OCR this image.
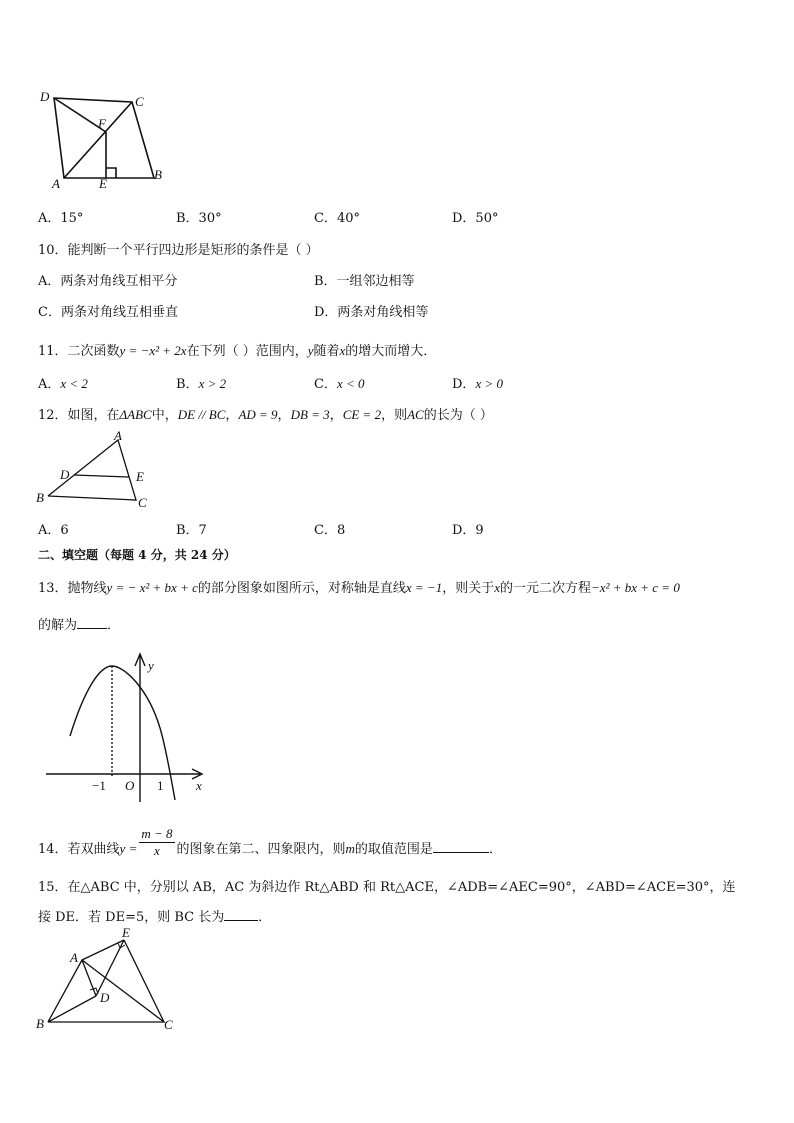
D	C
F
A	E
B
A．15°	B．30°	C．40°	D．50°
10．能判断一个平行四边形是矩形的条件是（ ）
A．两条对角线互相平分	B．一组邻边相等
C．两条对角线互相垂直	D．两条对角线相等
11．二次函数y = −x² + 2x在下列（ ）范围内，y随着x的增大而增大．
A．x < 2	B．x > 2	C．x < 0	D．x > 0
12．如图，在ΔABC中，DE // BC，AD = 9，DB = 3，CE = 2，则AC的长为（ ）
A
D	E
B	C
A．6	B．7	C．8	D．9
二、填空题（每题 4 分，共 24 分）
13．抛物线y = − x² + bx + c的部分图象如图所示，对称轴是直线x = −1，则关于x的一元二次方程−x² + bx + c = 0
的解为 ．
y
x
−1 O 1
14．若双曲线$y = \frac{m - 8}{x}$ 的图象在第二、四象限内，则m的取值范围是	．
15．在△ABC 中，分别以 AB，AC 为斜边作 Rt△ABD 和 Rt△ACE，∠ADB=∠AEC=90°，∠ABD=∠ACE=30°，连
接 DE．若 DE=5，则 BC 长为	．
E
A
D
B	C
